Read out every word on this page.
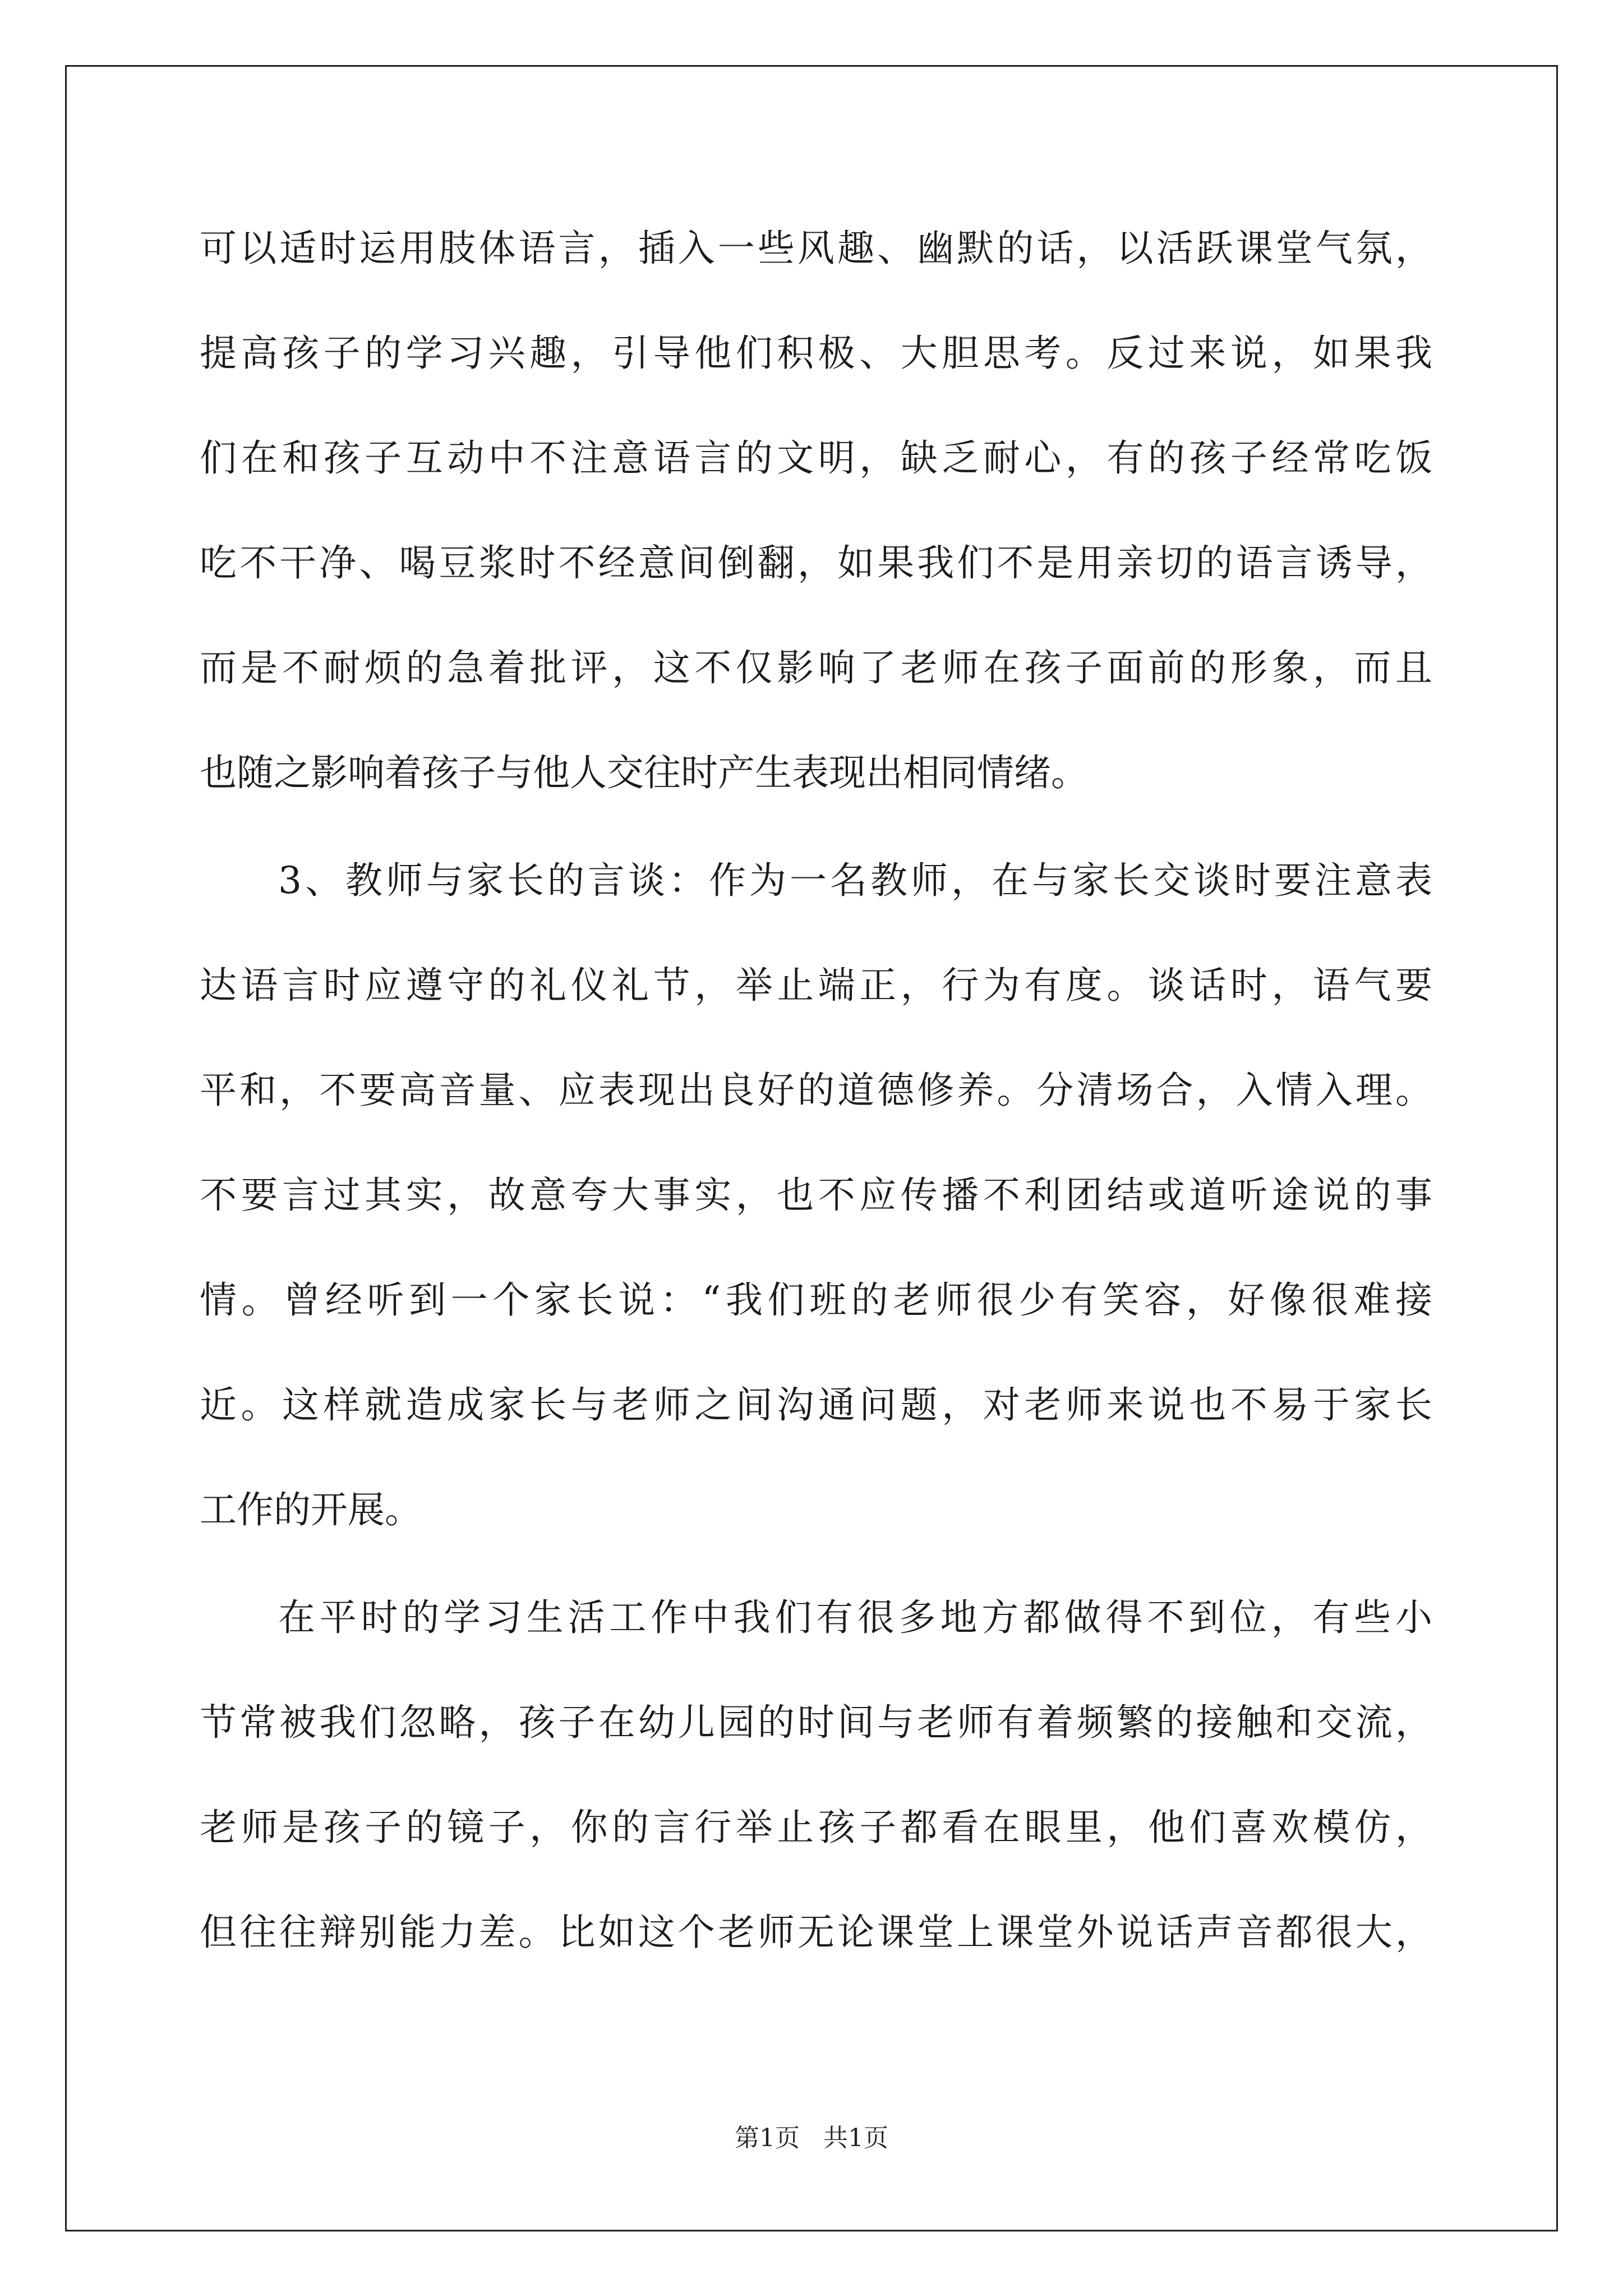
可以适时运用肢体语言，插入一些风趣、幽默的话，以活跃课堂气氛，
提高孩子的学习兴趣，引导他们积极、大胆思考。反过来说，如果我
们在和孩子互动中不注意语言的文明，缺乏耐心，有的孩子经常吃饭
吃不干净、喝豆浆时不经意间倒翻，如果我们不是用亲切的语言诱导，
而是不耐烦的急着批评，这不仅影响了老师在孩子面前的形象，而且
也随之影响着孩子与他人交往时产生表现出相同情绪。
3、教师与家长的言谈：作为一名教师，在与家长交谈时要注意表
达语言时应遵守的礼仪礼节，举止端正，行为有度。谈话时，语气要
平和，不要高音量、应表现出良好的道德修养。分清场合，入情入理。
不要言过其实，故意夸大事实，也不应传播不利团结或道听途说的事
情。曾经听到一个家长说：“我们班的老师很少有笑容，好像很难接
近。这样就造成家长与老师之间沟通问题，对老师来说也不易于家长
工作的开展。
在平时的学习生活工作中我们有很多地方都做得不到位，有些小
节常被我们忽略，孩子在幼儿园的时间与老师有着频繁的接触和交流，
老师是孩子的镜子，你的言行举止孩子都看在眼里，他们喜欢模仿，
但往往辩别能力差。比如这个老师无论课堂上课堂外说话声音都很大，
第1页 共1页
